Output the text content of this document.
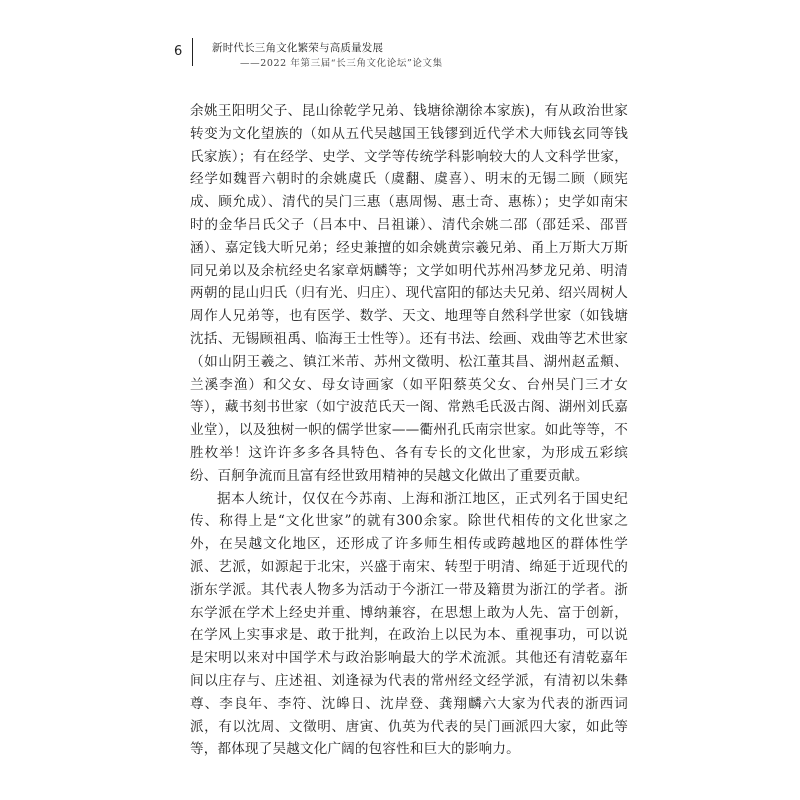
6	新时代长三角文化繁荣与高质量发展
——2022 年第三届“长三角文化论坛”论文集

余姚王阳明父子、昆山徐乾学兄弟、钱塘徐潮徐本家族)，有从政治世家转变为文化望族的（如从五代吴越国王钱镠到近代学术大师钱玄同等钱氏家族）；有在经学、史学、文学等传统学科影响较大的人文科学世家，经学如魏晋六朝时的余姚虞氏（虞翻、虞喜）、明末的无锡二顾（顾宪成、顾允成）、清代的吴门三惠（惠周惕、惠士奇、惠栋）；史学如南宋时的金华吕氏父子（吕本中、吕祖谦）、清代余姚二邵（邵廷采、邵晋涵）、嘉定钱大昕兄弟；经史兼擅的如余姚黄宗羲兄弟、甬上万斯大万斯同兄弟以及余杭经史名家章炳麟等；文学如明代苏州冯梦龙兄弟、明清两朝的昆山归氏（归有光、归庄）、现代富阳的郁达夫兄弟、绍兴周树人周作人兄弟等，也有医学、数学、天文、地理等自然科学世家（如钱塘沈括、无锡顾祖禹、临海王士性等）。还有书法、绘画、戏曲等艺术世家（如山阴王羲之、镇江米芾、苏州文徵明、松江董其昌、湖州赵孟頫、兰溪李渔）和父女、母女诗画家（如平阳蔡英父女、台州吴门三才女等），藏书刻书世家（如宁波范氏天一阁、常熟毛氏汲古阁、湖州刘氏嘉业堂），以及独树一帜的儒学世家——衢州孔氏南宗世家。如此等等，不胜枚举！这许许多多各具特色、各有专长的文化世家，为形成五彩缤纷、百舸争流而且富有经世致用精神的吴越文化做出了重要贡献。

据本人统计，仅仅在今苏南、上海和浙江地区，正式列名于国史纪传、称得上是“文化世家”的就有300余家。除世代相传的文化世家之外，在吴越文化地区，还形成了许多师生相传或跨越地区的群体性学派、艺派，如源起于北宋，兴盛于南宋、转型于明清、绵延于近现代的浙东学派。其代表人物多为活动于今浙江一带及籍贯为浙江的学者。浙东学派在学术上经史并重、博纳兼容，在思想上敢为人先、富于创新，在学风上实事求是、敢于批判，在政治上以民为本、重视事功，可以说是宋明以来对中国学术与政治影响最大的学术流派。其他还有清乾嘉年间以庄存与、庄述祖、刘逢禄为代表的常州经文经学派，有清初以朱彝尊、李良年、李符、沈皞日、沈岸登、龚翔麟六大家为代表的浙西词派，有以沈周、文徵明、唐寅、仇英为代表的吴门画派四大家，如此等等，都体现了吴越文化广阔的包容性和巨大的影响力。
